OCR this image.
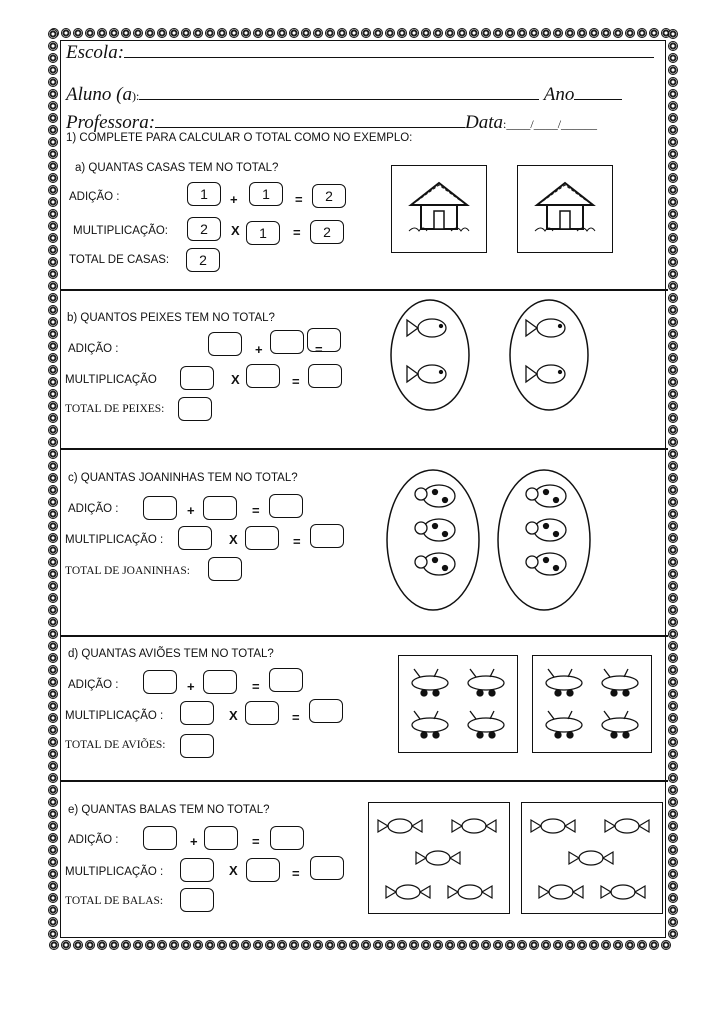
Escola:
Aluno (a):	Ano
Professora:	Data:____/____/______
1) COMPLETE PARA CALCULAR O TOTAL COMO NO EXEMPLO:
a) QUANTAS CASAS TEM NO TOTAL?
ADIÇÃO :	1	+	1	=	2
MULTIPLICAÇÃO:	2	X	1	=	2
TOTAL DE CASAS:	2
b) QUANTOS PEIXES TEM NO TOTAL?
ADIÇÃO :	+	=
MULTIPLICAÇÃO	X	=
TOTAL DE PEIXES:
c) QUANTAS JOANINHAS TEM NO TOTAL?
ADIÇÃO :	+	=
MULTIPLICAÇÃO :	X	=
TOTAL DE JOANINHAS:
d) QUANTAS AVIÕES TEM NO TOTAL?
ADIÇÃO :	+	=
MULTIPLICAÇÃO :	X	=
TOTAL DE AVIÕES:
e) QUANTAS BALAS TEM NO TOTAL?
ADIÇÃO :	+	=
MULTIPLICAÇÃO :	X	=
TOTAL DE BALAS:
